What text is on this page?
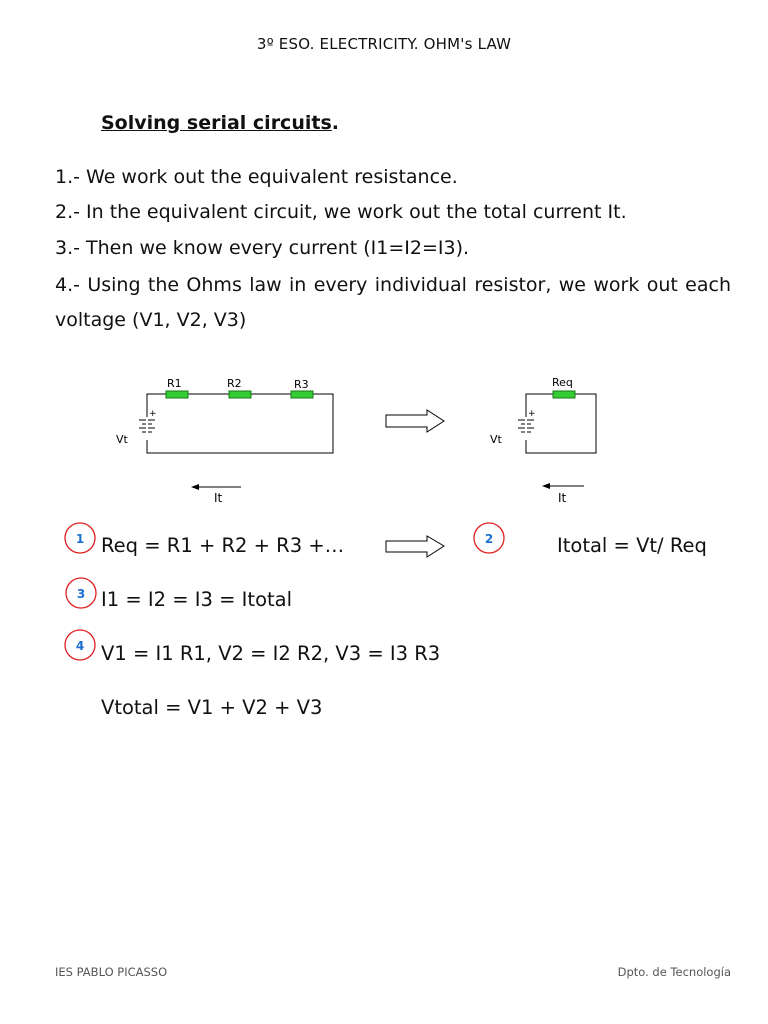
3º ESO. ELECTRICITY. OHM's LAW
Solving serial circuits.
1.- We work out the equivalent resistance.
2.- In the equivalent circuit, we work out the total current It.
3.- Then we know every current (I1=I2=I3).
4.- Using the Ohms law in every individual resistor, we work out each voltage (V1, V2, V3)
R1	R2	R3
+
Vt
It
Req
+
Vt
It
1	2
3
4
Req = R1 + R2 + R3 +…	Itotal = Vt/ Req
I1 = I2 = I3 = Itotal
V1 = I1 R1, V2 = I2 R2, V3 = I3 R3
Vtotal = V1 + V2 + V3
IES PABLO PICASSO	Dpto. de Tecnología
